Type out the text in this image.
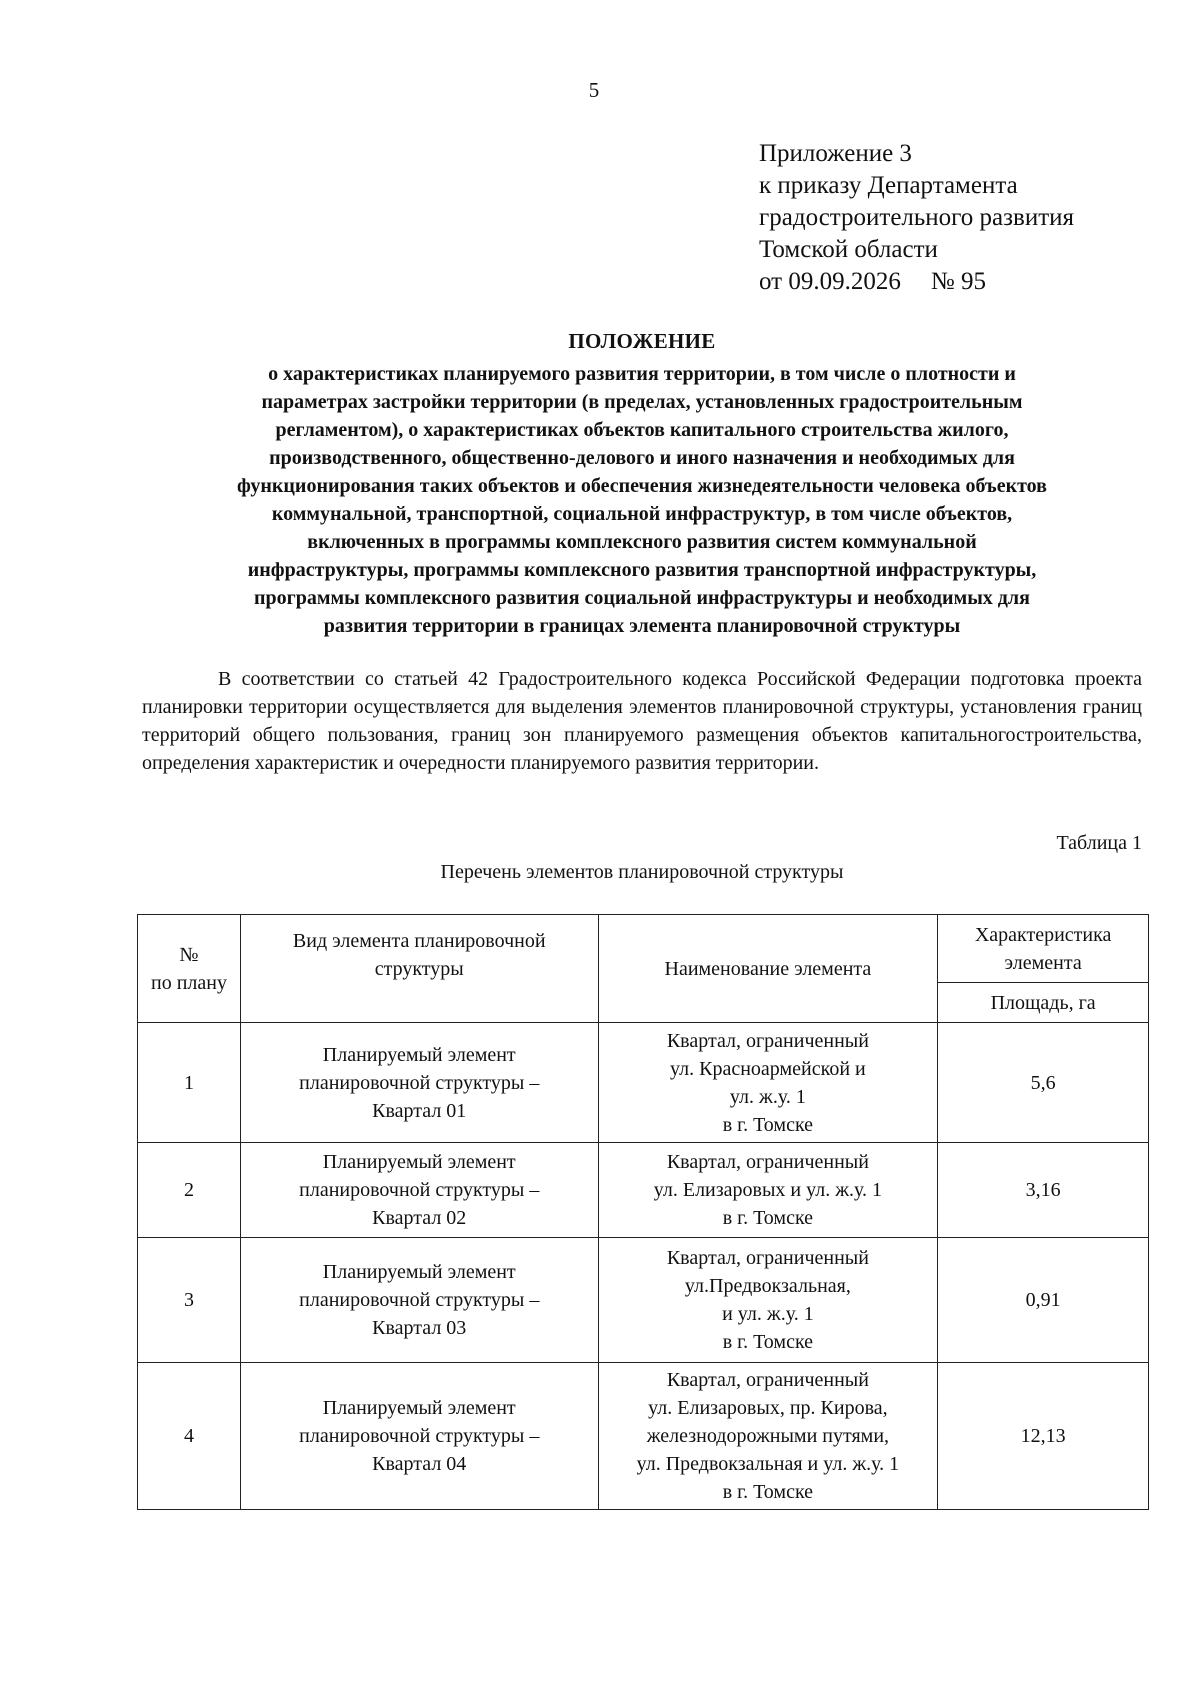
5
Приложение 3
к приказу Департамента
градостроительного развития
Томской области
от 09.09.2026 № 95
ПОЛОЖЕНИЕ
о характеристиках планируемого развития территории, в том числе о плотности и
параметрах застройки территории (в пределах, установленных градостроительным
регламентом), о характеристиках объектов капитального строительства жилого,
производственного, общественно-делового и иного назначения и необходимых для
функционирования таких объектов и обеспечения жизнедеятельности человека объектов
коммунальной, транспортной, социальной инфраструктур, в том числе объектов,
включенных в программы комплексного развития систем коммунальной
инфраструктуры, программы комплексного развития транспортной инфраструктуры,
программы комплексного развития социальной инфраструктуры и необходимых для
развития территории в границах элемента планировочной структуры
В соответствии со статьей 42 Градостроительного кодекса Российской Федерации подготовка проекта планировки территории осуществляется для выделения элементов планировочной структуры, установления границ территорий общего пользования, границ зон планируемого размещения объектов капитальногостроительства, определения характеристик и очередности планируемого развития территории.
Таблица 1
Перечень элементов планировочной структуры
№
по плану	Вид элемента планировочной
структуры	Наименование элемента	Характеристика
элемента

			Площадь, га

1	Планируемый элемент
планировочной структуры –
Квартал 01	Квартал, ограниченный
ул. Красноармейской и
ул. ж.у. 1
в г. Томске	5,6
2	Планируемый элемент
планировочной структуры –
Квартал 02	Квартал, ограниченный
ул. Елизаровых и ул. ж.у. 1
в г. Томске	3,16
3	Планируемый элемент
планировочной структуры –
Квартал 03	Квартал, ограниченный
ул.Предвокзальная,
и ул. ж.у. 1
в г. Томске	0,91
4	Планируемый элемент
планировочной структуры –
Квартал 04	Квартал, ограниченный
ул. Елизаровых, пр. Кирова,
железнодорожными путями,
ул. Предвокзальная и ул. ж.у. 1
в г. Томске	12,13
